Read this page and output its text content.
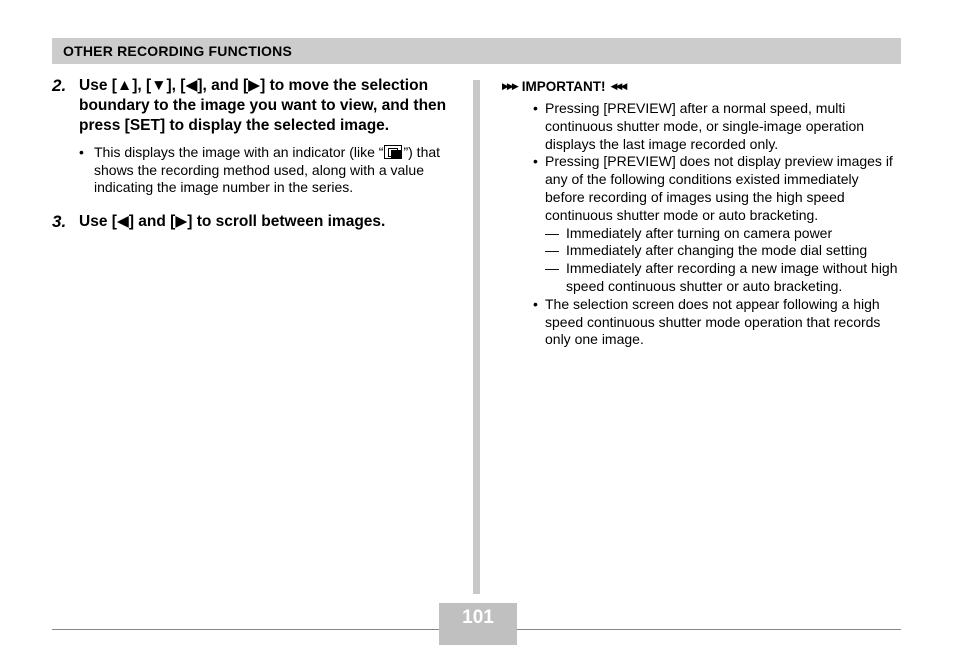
OTHER RECORDING FUNCTIONS
2. Use [▲], [▼], [◀], and [▶] to move the selection boundary to the image you want to view, and then press [SET] to display the selected image.
• This displays the image with an indicator (like “ ”) that shows the recording method used, along with a value indicating the image number in the series.
3. Use [◀] and [▶] to scroll between images.
▶▶▶ IMPORTANT! ◀◀◀
• Pressing [PREVIEW] after a normal speed, multi continuous shutter mode, or single-image operation displays the last image recorded only.
• Pressing [PREVIEW] does not display preview images if any of the following conditions existed immediately before recording of images using the high speed continuous shutter mode or auto bracketing.
— Immediately after turning on camera power
— Immediately after changing the mode dial setting
— Immediately after recording a new image without high speed continuous shutter or auto bracketing.
• The selection screen does not appear following a high speed continuous shutter mode operation that records only one image.
101
